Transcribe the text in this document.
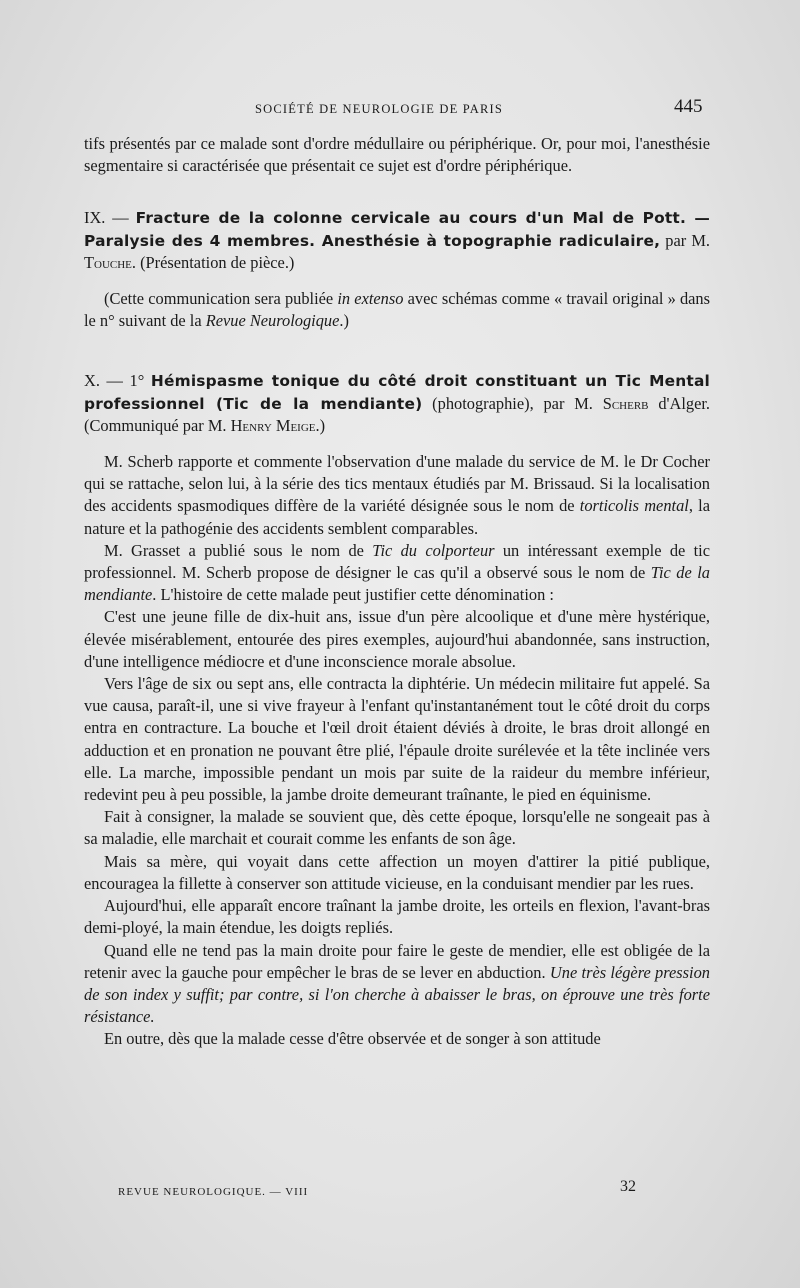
SOCIÉTÉ DE NEUROLOGIE DE PARIS	445

tifs présentés par ce malade sont d'ordre médullaire ou périphérique. Or, pour moi, l'anesthésie segmentaire si caractérisée que présentait ce sujet est d'ordre périphérique.

IX. — Fracture de la colonne cervicale au cours d'un Mal de Pott. — Paralysie des 4 membres. Anesthésie à topographie radiculaire, par M. Touche. (Présentation de pièce.)

(Cette communication sera publiée in extenso avec schémas comme « travail original » dans le n° suivant de la Revue Neurologique.)

X. — 1° Hémispasme tonique du côté droit constituant un Tic Mental professionnel (Tic de la mendiante) (photographie), par M. Scherb d'Alger. (Communiqué par M. Henry Meige.)

M. Scherb rapporte et commente l'observation d'une malade du service de M. le Dr Cocher qui se rattache, selon lui, à la série des tics mentaux étudiés par M. Brissaud. Si la localisation des accidents spasmodiques diffère de la variété désignée sous le nom de torticolis mental, la nature et la pathogénie des accidents semblent comparables.

M. Grasset a publié sous le nom de Tic du colporteur un intéressant exemple de tic professionnel. M. Scherb propose de désigner le cas qu'il a observé sous le nom de Tic de la mendiante. L'histoire de cette malade peut justifier cette dénomination :

C'est une jeune fille de dix-huit ans, issue d'un père alcoolique et d'une mère hystérique, élevée misérablement, entourée des pires exemples, aujourd'hui abandonnée, sans instruction, d'une intelligence médiocre et d'une inconscience morale absolue.

Vers l'âge de six ou sept ans, elle contracta la diphtérie. Un médecin militaire fut appelé. Sa vue causa, paraît-il, une si vive frayeur à l'enfant qu'instantanément tout le côté droit du corps entra en contracture. La bouche et l'œil droit étaient déviés à droite, le bras droit allongé en adduction et en pronation ne pouvant être plié, l'épaule droite surélevée et la tête inclinée vers elle. La marche, impossible pendant un mois par suite de la raideur du membre inférieur, redevint peu à peu possible, la jambe droite demeurant traînante, le pied en équinisme.

Fait à consigner, la malade se souvient que, dès cette époque, lorsqu'elle ne songeait pas à sa maladie, elle marchait et courait comme les enfants de son âge.

Mais sa mère, qui voyait dans cette affection un moyen d'attirer la pitié publique, encouragea la fillette à conserver son attitude vicieuse, en la conduisant mendier par les rues.

Aujourd'hui, elle apparaît encore traînant la jambe droite, les orteils en flexion, l'avant-bras demi-ployé, la main étendue, les doigts repliés.

Quand elle ne tend pas la main droite pour faire le geste de mendier, elle est obligée de la retenir avec la gauche pour empêcher le bras de se lever en abduction. Une très légère pression de son index y suffit; par contre, si l'on cherche à abaisser le bras, on éprouve une très forte résistance.

En outre, dès que la malade cesse d'être observée et de songer à son attitude

REVUE NEUROLOGIQUE. — VIII	32
